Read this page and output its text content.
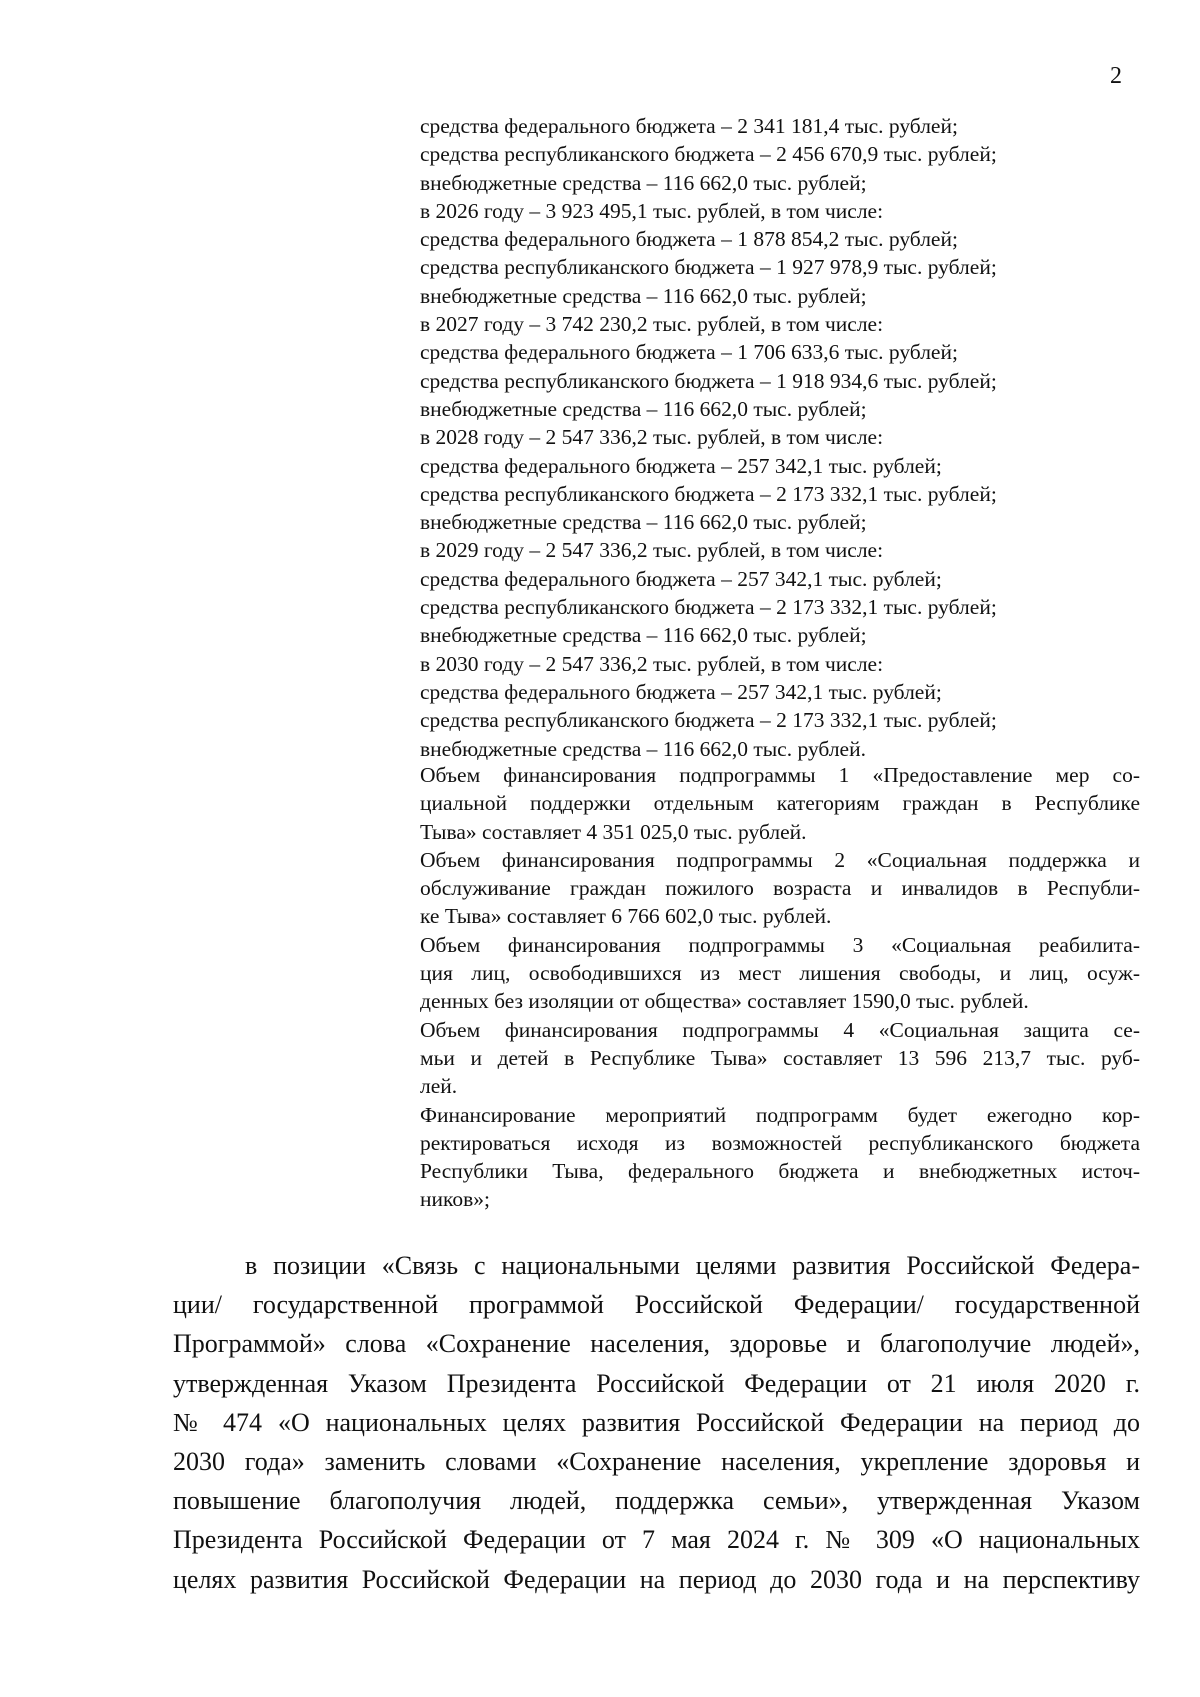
2
средства федерального бюджета – 2 341 181,4 тыс. рублей;
средства республиканского бюджета – 2 456 670,9 тыс. рублей;
внебюджетные средства – 116 662,0 тыс. рублей;
в 2026 году – 3 923 495,1 тыс. рублей, в том числе:
средства федерального бюджета – 1 878 854,2 тыс. рублей;
средства республиканского бюджета – 1 927 978,9 тыс. рублей;
внебюджетные средства – 116 662,0 тыс. рублей;
в 2027 году – 3 742 230,2 тыс. рублей, в том числе:
средства федерального бюджета – 1 706 633,6 тыс. рублей;
средства республиканского бюджета – 1 918 934,6 тыс. рублей;
внебюджетные средства – 116 662,0 тыс. рублей;
в 2028 году – 2 547 336,2 тыс. рублей, в том числе:
средства федерального бюджета – 257 342,1 тыс. рублей;
средства республиканского бюджета – 2 173 332,1 тыс. рублей;
внебюджетные средства – 116 662,0 тыс. рублей;
в 2029 году – 2 547 336,2 тыс. рублей, в том числе:
средства федерального бюджета – 257 342,1 тыс. рублей;
средства республиканского бюджета – 2 173 332,1 тыс. рублей;
внебюджетные средства – 116 662,0 тыс. рублей;
в 2030 году – 2 547 336,2 тыс. рублей, в том числе:
средства федерального бюджета – 257 342,1 тыс. рублей;
средства республиканского бюджета – 2 173 332,1 тыс. рублей;
внебюджетные средства – 116 662,0 тыс. рублей.
Объем финансирования подпрограммы 1 «Предоставление мер со-
циальной поддержки отдельным категориям граждан в Республике
Тыва» составляет 4 351 025,0 тыс. рублей.
Объем финансирования подпрограммы 2 «Социальная поддержка и
обслуживание граждан пожилого возраста и инвалидов в Республи-
ке Тыва» составляет 6 766 602,0 тыс. рублей.
Объем финансирования подпрограммы 3 «Социальная реабилита-
ция лиц, освободившихся из мест лишения свободы, и лиц, осуж-
денных без изоляции от общества» составляет 1590,0 тыс. рублей.
Объем финансирования подпрограммы 4 «Социальная защита се-
мьи и детей в Республике Тыва» составляет 13 596 213,7 тыс. руб-
лей.
Финансирование мероприятий подпрограмм будет ежегодно кор-
ректироваться исходя из возможностей республиканского бюджета
Республики Тыва, федерального бюджета и внебюджетных источ-
ников»;
в позиции «Связь с национальными целями развития Российской Федера-
ции/ государственной программой Российской Федерации/ государственной
Программой» слова «Сохранение населения, здоровье и благополучие людей»,
утвержденная Указом Президента Российской Федерации от 21 июля 2020 г.
№ 474 «О национальных целях развития Российской Федерации на период до
2030 года» заменить словами «Сохранение населения, укрепление здоровья и
повышение благополучия людей, поддержка семьи», утвержденная Указом
Президента Российской Федерации от 7 мая 2024 г. № 309 «О национальных
целях развития Российской Федерации на период до 2030 года и на перспективу
